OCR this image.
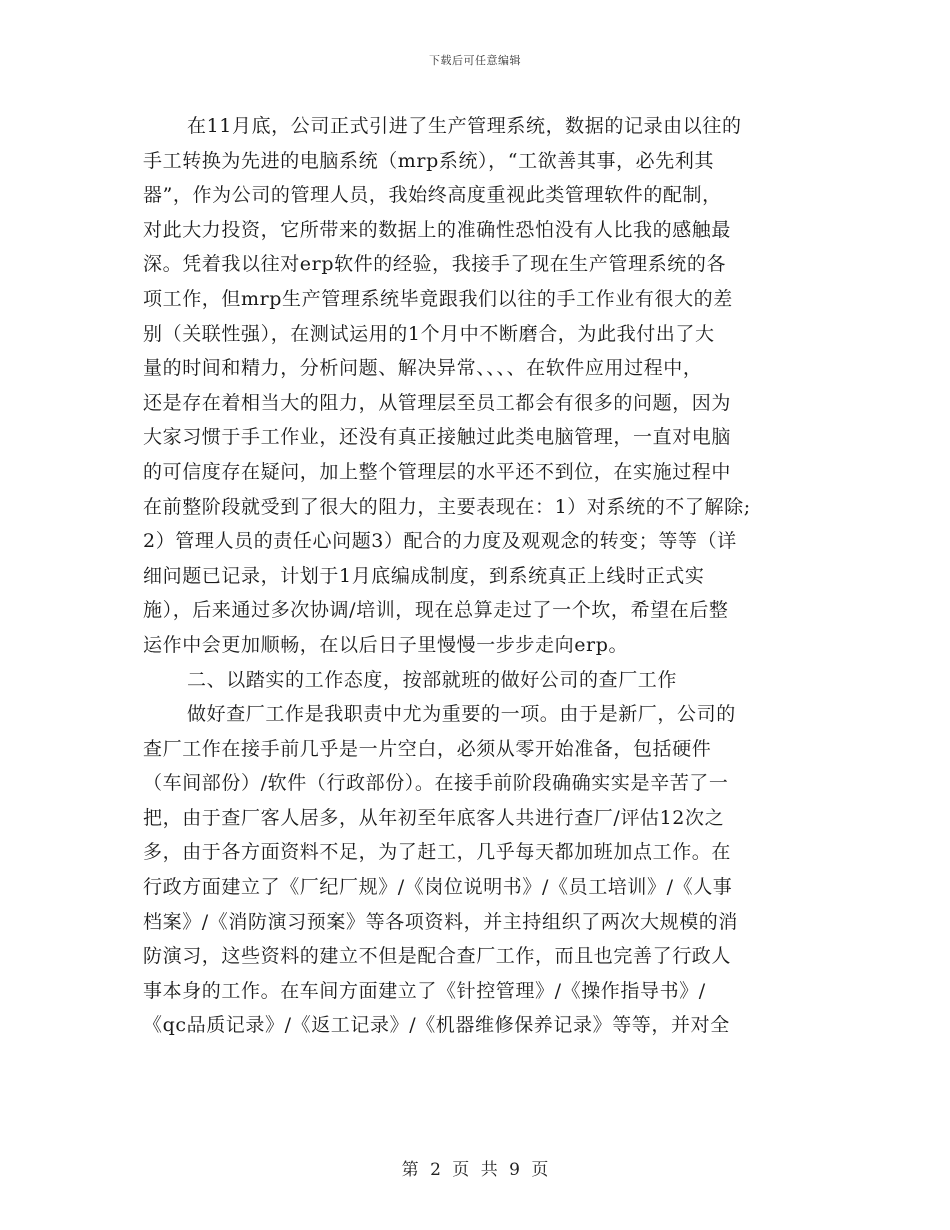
下载后可任意编辑
在11月底，公司正式引进了生产管理系统，数据的记录由以往的
手工转换为先进的电脑系统（mrp系统），“工欲善其事，必先利其
器”，作为公司的管理人员，我始终高度重视此类管理软件的配制，
对此大力投资，它所带来的数据上的准确性恐怕没有人比我的感触最
深。凭着我以往对erp软件的经验，我接手了现在生产管理系统的各
项工作，但mrp生产管理系统毕竟跟我们以往的手工作业有很大的差
别（关联性强），在测试运用的1个月中不断磨合，为此我付出了大
量的时间和精力，分析问题、解决异常、、、、在软件应用过程中，
还是存在着相当大的阻力，从管理层至员工都会有很多的问题，因为
大家习惯于手工作业，还没有真正接触过此类电脑管理，一直对电脑
的可信度存在疑问，加上整个管理层的水平还不到位，在实施过程中
在前整阶段就受到了很大的阻力，主要表现在：1）对系统的不了解除;
2）管理人员的责任心问题3）配合的力度及观观念的转变；等等（详
细问题已记录，计划于1月底编成制度，到系统真正上线时正式实
施），后来通过多次协调/培训，现在总算走过了一个坎，希望在后整
运作中会更加顺畅，在以后日子里慢慢一步步走向erp。
二、以踏实的工作态度，按部就班的做好公司的查厂工作
做好查厂工作是我职责中尤为重要的一项。由于是新厂，公司的
查厂工作在接手前几乎是一片空白，必须从零开始准备，包括硬件
（车间部份）/软件（行政部份）。在接手前阶段确确实实是辛苦了一
把，由于查厂客人居多，从年初至年底客人共进行查厂/评估12次之
多，由于各方面资料不足，为了赶工，几乎每天都加班加点工作。在
行政方面建立了《厂纪厂规》/《岗位说明书》/《员工培训》/《人事
档案》/《消防演习预案》等各项资料，并主持组织了两次大规模的消
防演习，这些资料的建立不但是配合查厂工作，而且也完善了行政人
事本身的工作。在车间方面建立了《针控管理》/《操作指导书》/
《qc品质记录》/《返工记录》/《机器维修保养记录》等等，并对全
第 2 页 共 9 页
